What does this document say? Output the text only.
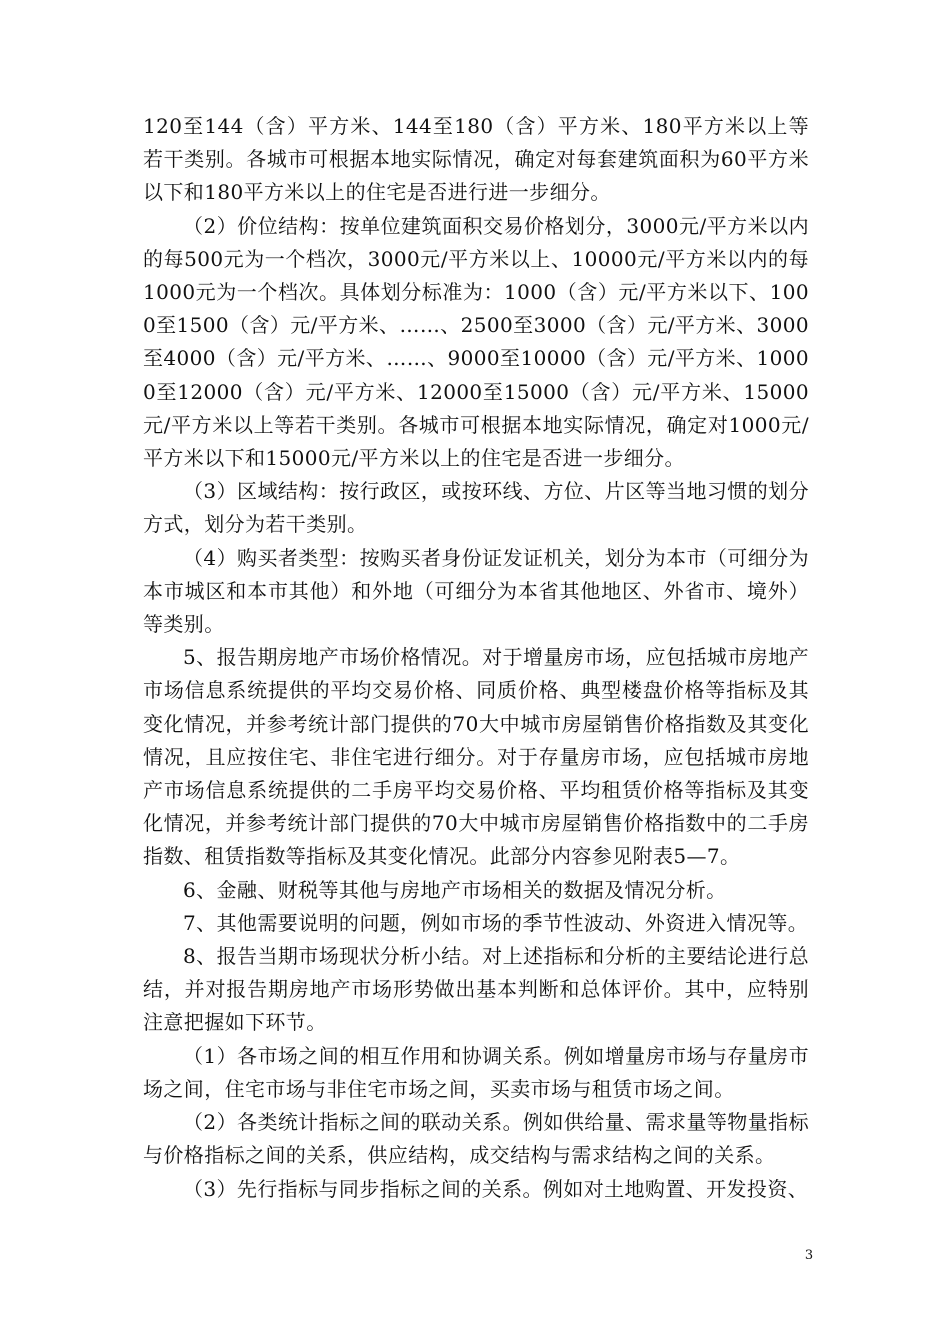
120至144（含）平方米、144至180（含）平方米、180平方米以上等若干类别。各城市可根据本地实际情况，确定对每套建筑面积为60平方米以下和180平方米以上的住宅是否进行进一步细分。

（2）价位结构：按单位建筑面积交易价格划分，3000元/平方米以内的每500元为一个档次，3000元/平方米以上、10000元/平方米以内的每1000元为一个档次。具体划分标准为：1000（含）元/平方米以下、1000至1500（含）元/平方米、……、2500至3000（含）元/平方米、3000至4000（含）元/平方米、……、9000至10000（含）元/平方米、10000至12000（含）元/平方米、12000至15000（含）元/平方米、15000元/平方米以上等若干类别。各城市可根据本地实际情况，确定对1000元/平方米以下和15000元/平方米以上的住宅是否进一步细分。

（3）区域结构：按行政区，或按环线、方位、片区等当地习惯的划分方式，划分为若干类别。

（4）购买者类型：按购买者身份证发证机关，划分为本市（可细分为本市城区和本市其他）和外地（可细分为本省其他地区、外省市、境外）等类别。

5、报告期房地产市场价格情况。对于增量房市场，应包括城市房地产市场信息系统提供的平均交易价格、同质价格、典型楼盘价格等指标及其变化情况，并参考统计部门提供的70大中城市房屋销售价格指数及其变化情况，且应按住宅、非住宅进行细分。对于存量房市场，应包括城市房地产市场信息系统提供的二手房平均交易价格、平均租赁价格等指标及其变化情况，并参考统计部门提供的70大中城市房屋销售价格指数中的二手房指数、租赁指数等指标及其变化情况。此部分内容参见附表5—7。

6、金融、财税等其他与房地产市场相关的数据及情况分析。

7、其他需要说明的问题，例如市场的季节性波动、外资进入情况等。

8、报告当期市场现状分析小结。对上述指标和分析的主要结论进行总结，并对报告期房地产市场形势做出基本判断和总体评价。其中，应特别注意把握如下环节。

（1）各市场之间的相互作用和协调关系。例如增量房市场与存量房市场之间，住宅市场与非住宅市场之间，买卖市场与租赁市场之间。

（2）各类统计指标之间的联动关系。例如供给量、需求量等物量指标与价格指标之间的关系，供应结构，成交结构与需求结构之间的关系。

（3）先行指标与同步指标之间的关系。例如对土地购置、开发投资、

3
